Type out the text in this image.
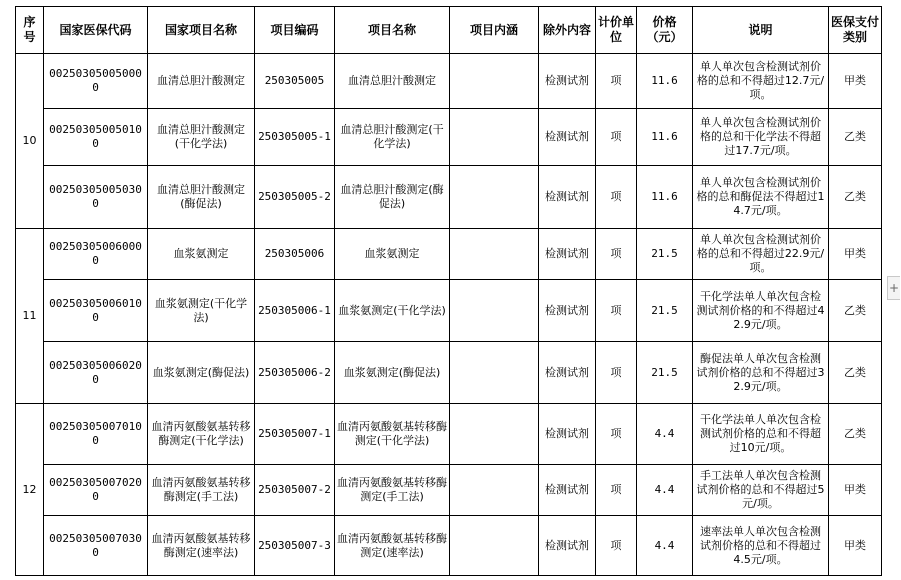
序号	国家医保代码	国家项目名称	项目编码	项目名称	项目内涵	除外内容	计价单位	价格（元）	说明	医保支付类别
10	002503050050000	血清总胆汁酸测定	250305005	血清总胆汁酸测定		检测试剂	项	11.6	单人单次包含检测试剂价格的总和不得超过12.7元/项。	甲类
	002503050050100	血清总胆汁酸测定(干化学法)	250305005-1	血清总胆汁酸测定(干化学法)		检测试剂	项	11.6	单人单次包含检测试剂价格的总和干化学法不得超过17.7元/项。	乙类
	002503050050300	血清总胆汁酸测定(酶促法)	250305005-2	血清总胆汁酸测定(酶促法)		检测试剂	项	11.6	单人单次包含检测试剂价格的总和酶促法不得超过14.7元/项。	乙类
11	002503050060000	血浆氨测定	250305006	血浆氨测定		检测试剂	项	21.5	单人单次包含检测试剂价格的总和不得超过22.9元/项。	甲类
	002503050060100	血浆氨测定(干化学法)	250305006-1	血浆氨测定(干化学法)		检测试剂	项	21.5	干化学法单人单次包含检测试剂价格的和不得超过42.9元/项。	乙类
	002503050060200	血浆氨测定(酶促法)	250305006-2	血浆氨测定(酶促法)		检测试剂	项	21.5	酶促法单人单次包含检测试剂价格的总和不得超过32.9元/项。	乙类
12	002503050070100	血清丙氨酸氨基转移酶测定(干化学法)	250305007-1	血清丙氨酸氨基转移酶测定(干化学法)		检测试剂	项	4.4	干化学法单人单次包含检测试剂价格的总和不得超过10元/项。	乙类
	002503050070200	血清丙氨酸氨基转移酶测定(手工法)	250305007-2	血清丙氨酸氨基转移酶测定(手工法)		检测试剂	项	4.4	手工法单人单次包含检测试剂价格的总和不得超过5元/项。	甲类
	002503050070300	血清丙氨酸氨基转移酶测定(速率法)	250305007-3	血清丙氨酸氨基转移酶测定(速率法)		检测试剂	项	4.4	速率法单人单次包含检测试剂价格的总和不得超过4.5元/项。	甲类
+
